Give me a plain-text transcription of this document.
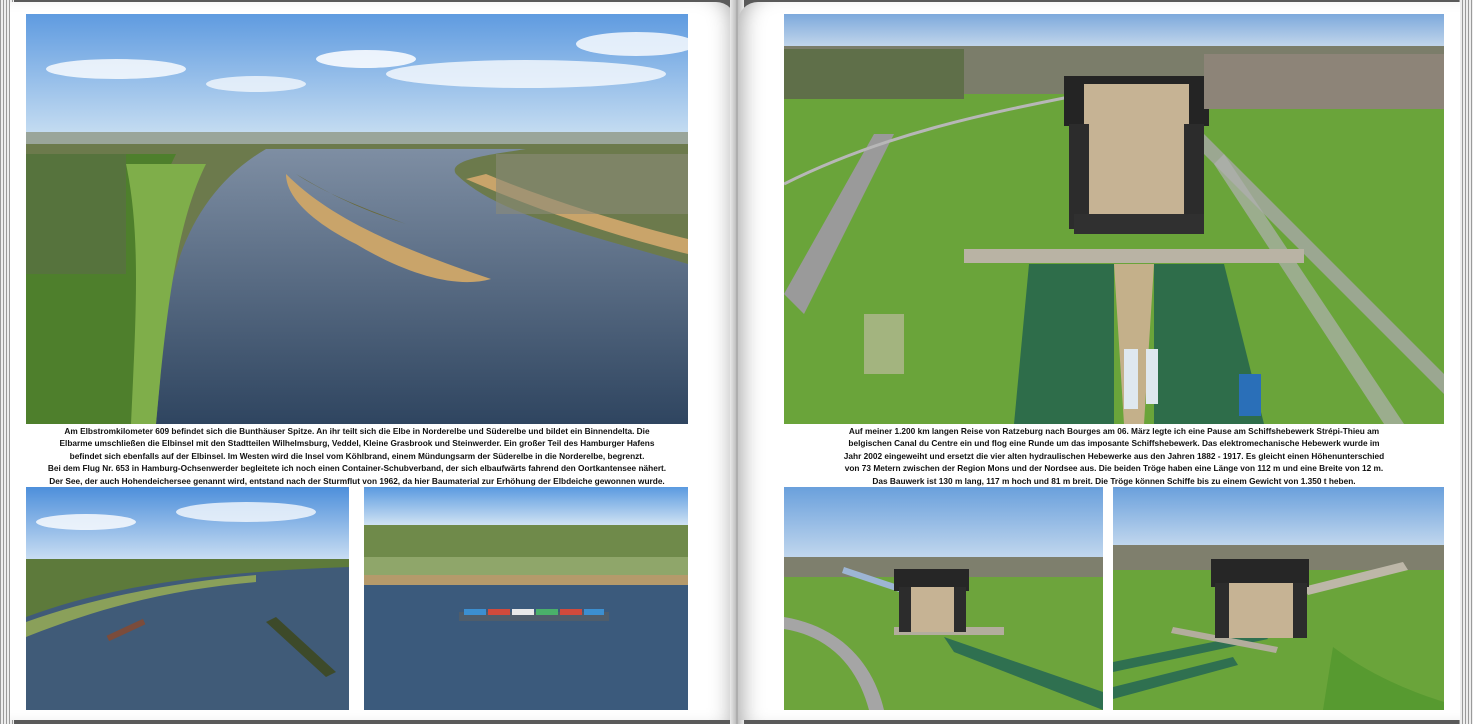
Am Elbstromkilometer 609 befindet sich die Bunthäuser Spitze. An ihr teilt sich die Elbe in Norderelbe und Süderelbe und bildet ein Binnendelta. Die
Elbarme umschließen die Elbinsel mit den Stadtteilen Wilhelmsburg, Veddel, Kleine Grasbrook und Steinwerder. Ein großer Teil des Hamburger Hafens
befindet sich ebenfalls auf der Elbinsel. Im Westen wird die Insel vom Köhlbrand, einem Mündungsarm der Süderelbe in die Norderelbe, begrenzt.
Bei dem Flug Nr. 653 in Hamburg-Ochsenwerder begleitete ich noch einen Container-Schubverband, der sich elbaufwärts fahrend den Oortkantensee nähert.
Der See, der auch Hohendeichersee genannt wird, entstand nach der Sturmflut von 1962, da hier Baumaterial zur Erhöhung der Elbdeiche gewonnen wurde.
Auf meiner 1.200 km langen Reise von Ratzeburg nach Bourges am 06. März legte ich eine Pause am Schiffshebewerk Strépi-Thieu am
belgischen Canal du Centre ein und flog eine Runde um das imposante Schiffshebewerk. Das elektromechanische Hebewerk wurde im
Jahr 2002 eingeweiht und ersetzt die vier alten hydraulischen Hebewerke aus den Jahren 1882 - 1917. Es gleicht einen Höhenunterschied
von 73 Metern zwischen der Region Mons und der Nordsee aus. Die beiden Tröge haben eine Länge von 112 m und eine Breite von 12 m.
Das Bauwerk ist 130 m lang, 117 m hoch und 81 m breit. Die Tröge können Schiffe bis zu einem Gewicht von 1.350 t heben.
